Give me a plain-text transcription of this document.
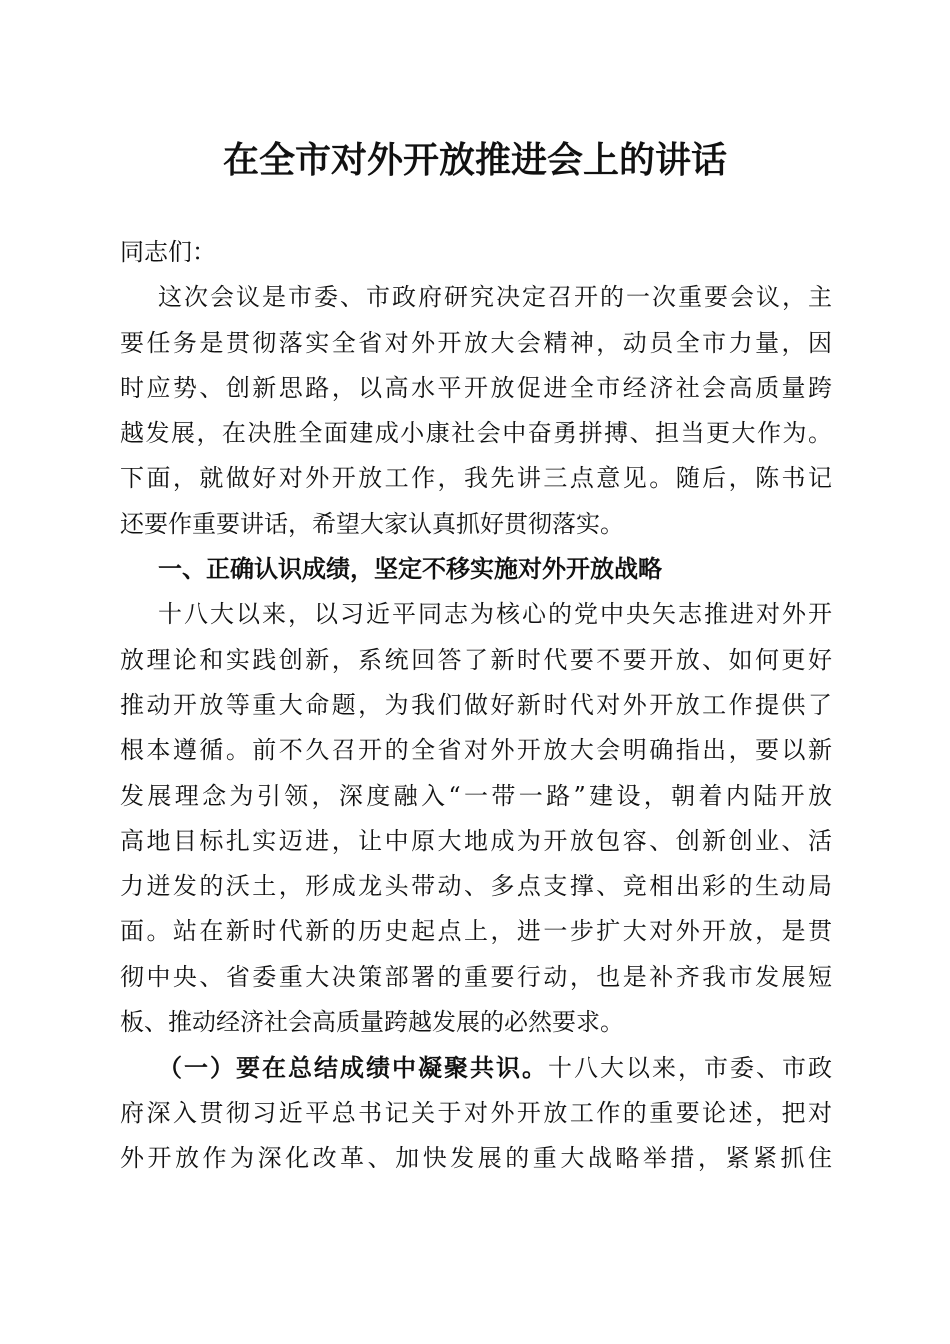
在全市对外开放推进会上的讲话
同志们：
这次会议是市委、市政府研究决定召开的一次重要会议，主
要任务是贯彻落实全省对外开放大会精神，动员全市力量，因
时应势、创新思路，以高水平开放促进全市经济社会高质量跨
越发展，在决胜全面建成小康社会中奋勇拼搏、担当更大作为。
下面，就做好对外开放工作，我先讲三点意见。随后，陈书记
还要作重要讲话，希望大家认真抓好贯彻落实。
一、正确认识成绩，坚定不移实施对外开放战略
十八大以来，以习近平同志为核心的党中央矢志推进对外开
放理论和实践创新，系统回答了新时代要不要开放、如何更好
推动开放等重大命题，为我们做好新时代对外开放工作提供了
根本遵循。前不久召开的全省对外开放大会明确指出，要以新
发展理念为引领，深度融入“一带一路”建设，朝着内陆开放
高地目标扎实迈进，让中原大地成为开放包容、创新创业、活
力迸发的沃土，形成龙头带动、多点支撑、竞相出彩的生动局
面。站在新时代新的历史起点上，进一步扩大对外开放，是贯
彻中央、省委重大决策部署的重要行动，也是补齐我市发展短
板、推动经济社会高质量跨越发展的必然要求。
（一）要在总结成绩中凝聚共识。十八大以来，市委、市政
府深入贯彻习近平总书记关于对外开放工作的重要论述，把对
外开放作为深化改革、加快发展的重大战略举措，紧紧抓住
